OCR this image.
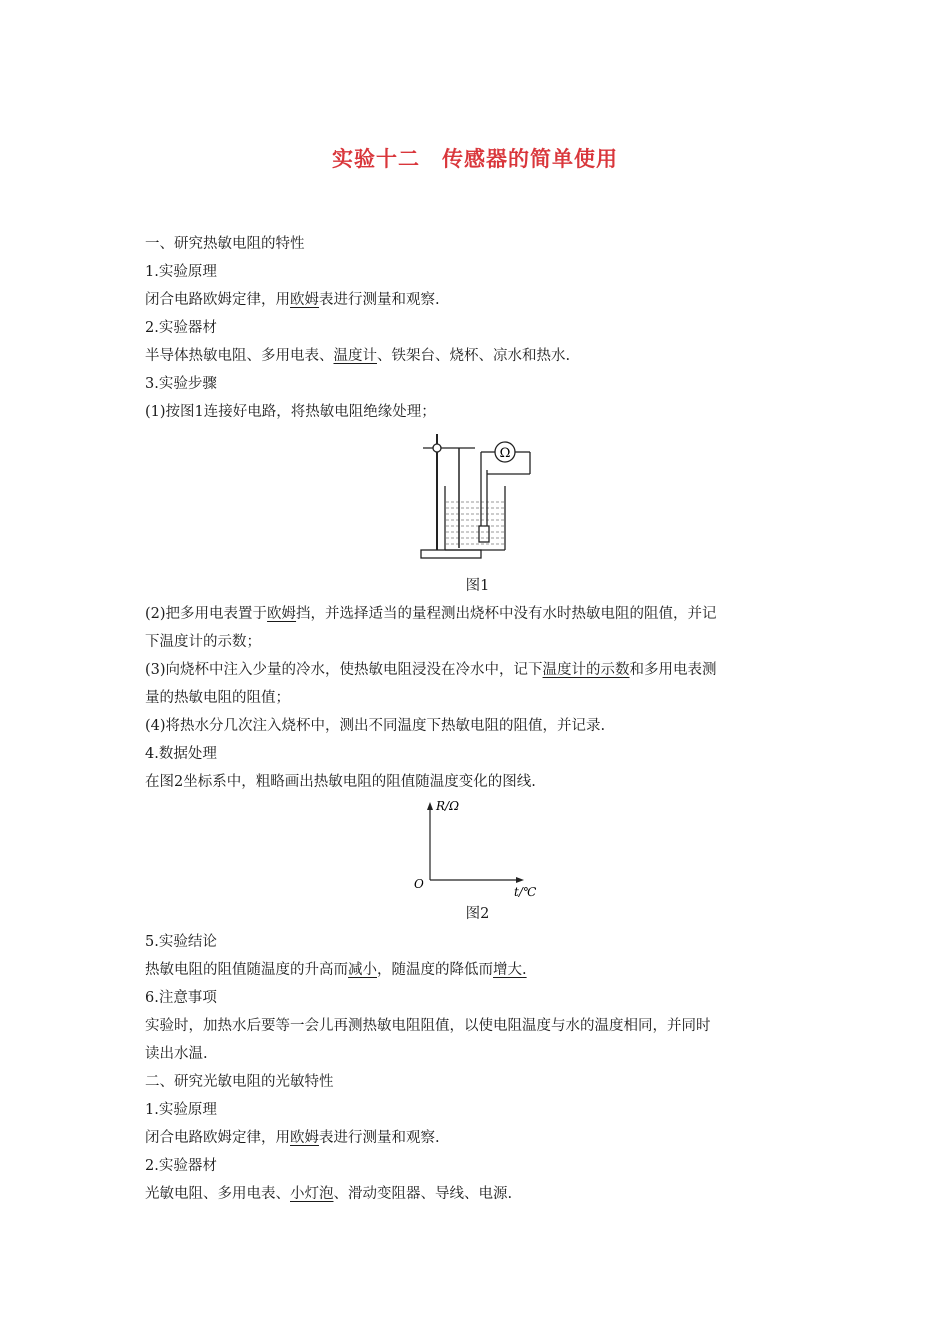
实验十二　传感器的简单使用
一、研究热敏电阻的特性
1.实验原理
闭合电路欧姆定律，用欧姆表进行测量和观察.
2.实验器材
半导体热敏电阻、多用电表、温度计、铁架台、烧杯、凉水和热水.
3.实验步骤
(1)按图1连接好电路，将热敏电阻绝缘处理；
Ω
图1
(2)把多用电表置于欧姆挡，并选择适当的量程测出烧杯中没有水时热敏电阻的阻值，并记
下温度计的示数；
(3)向烧杯中注入少量的冷水，使热敏电阻浸没在冷水中，记下温度计的示数和多用电表测
量的热敏电阻的阻值；
(4)将热水分几次注入烧杯中，测出不同温度下热敏电阻的阻值，并记录.
4.数据处理
在图2坐标系中，粗略画出热敏电阻的阻值随温度变化的图线.
R/Ω
O
t/℃
图2
5.实验结论
热敏电阻的阻值随温度的升高而减小，随温度的降低而增大.
6.注意事项
实验时，加热水后要等一会儿再测热敏电阻阻值，以使电阻温度与水的温度相同，并同时
读出水温.
二、研究光敏电阻的光敏特性
1.实验原理
闭合电路欧姆定律，用欧姆表进行测量和观察.
2.实验器材
光敏电阻、多用电表、小灯泡、滑动变阻器、导线、电源.
